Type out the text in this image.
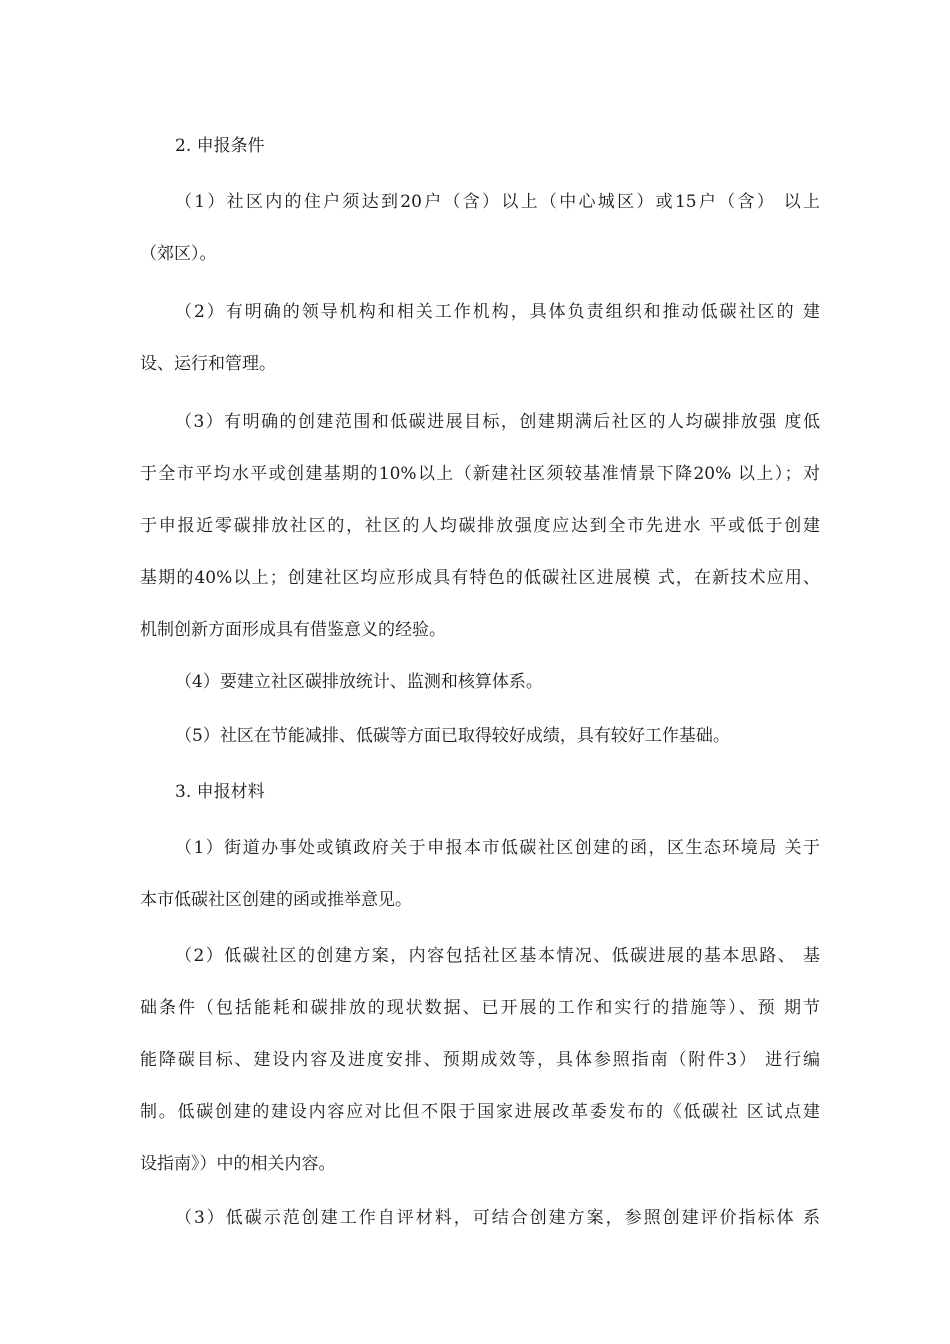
2. 申报条件
（1）社区内的住户须达到20户（含）以上（中心城区）或15户（含） 以上
（郊区）。
（2）有明确的领导机构和相关工作机构，具体负责组织和推动低碳社区的 建
设、运行和管理。
（3）有明确的创建范围和低碳进展目标，创建期满后社区的人均碳排放强 度低
于全市平均水平或创建基期的10%以上（新建社区须较基准情景下降20% 以上）；对
于申报近零碳排放社区的，社区的人均碳排放强度应达到全市先进水 平或低于创建
基期的40%以上；创建社区均应形成具有特色的低碳社区进展模 式，在新技术应用、
机制创新方面形成具有借鉴意义的经验。
（4）要建立社区碳排放统计、监测和核算体系。
（5）社区在节能减排、低碳等方面已取得较好成绩，具有较好工作基础。
3. 申报材料
（1）街道办事处或镇政府关于申报本市低碳社区创建的函，区生态环境局 关于
本市低碳社区创建的函或推举意见。
（2）低碳社区的创建方案，内容包括社区基本情况、低碳进展的基本思路、 基
础条件（包括能耗和碳排放的现状数据、已开展的工作和实行的措施等）、预 期节
能降碳目标、建设内容及进度安排、预期成效等，具体参照指南（附件3） 进行编
制。低碳创建的建设内容应对比但不限于国家进展改革委发布的《低碳社 区试点建
设指南》）中的相关内容。
（3）低碳示范创建工作自评材料，可结合创建方案，参照创建评价指标体 系
